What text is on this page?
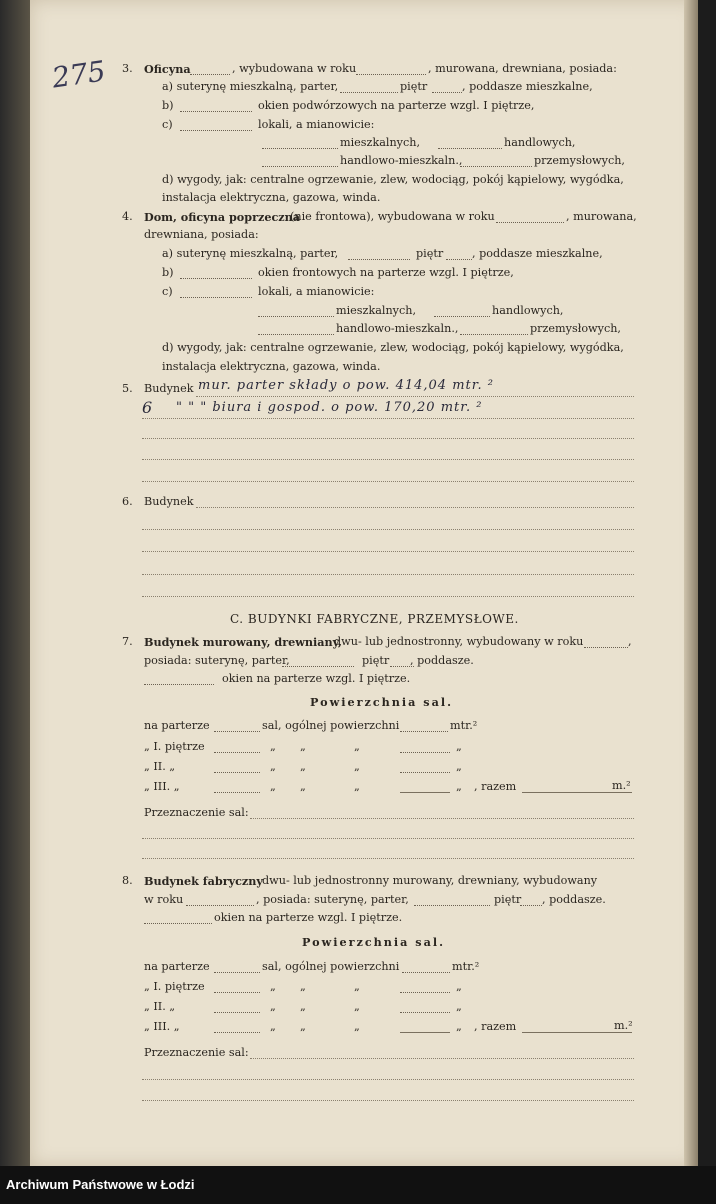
275 3. Oficyna	, wybudowana w roku	, murowana, drewniana, posiada:
a) suterynę mieszkalną, parter,	piętr	, poddasze mieszkalne,
b)	okien podwórzowych na parterze wzgl. I piętrze,
c)	lokali, a mianowicie:
mieszkalnych,	handlowych,
handlowo-mieszkaln.,	przemysłowych,
d) wygody, jak: centralne ogrzewanie, zlew, wodociąg, pokój kąpielowy, wygódka,
instalacja elektryczna, gazowa, winda.
4. Dom, oficyna poprzeczna
(nie frontowa), wybudowana w roku	, murowana,
drewniana, posiada:
a) suterynę mieszkalną, parter,	piętr	, poddasze mieszkalne,
b)	okien frontowych na parterze wzgl. I piętrze,
c)	lokali, a mianowicie:
mieszkalnych,	handlowych,
handlowo-mieszkaln.,	przemysłowych,
d) wygody, jak: centralne ogrzewanie, zlew, wodociąg, pokój kąpielowy, wygódka,
instalacja elektryczna, gazowa, winda.
5. Budynek mur. parter składy o pow. 414,04 mtr. ²
6 " " " biura i gospod. o pow. 170,20 mtr. ²
6. Budynek
C. BUDYNKI FABRYCZNE, PRZEMYSŁOWE.
7. Budynek murowany, drewniany,
dwu- lub jednostronny, wybudowany w roku	,
posiada: suterynę, parter,	piętr , poddasze.
okien na parterze wzgl. I piętrze.
Powierzchnia sal.
na parterze	sal, ogólnej powierzchni	mtr.²
„ I. piętrze	„ „	„	„
„ II. „	„ „	„	„
„ III. „	„ „	„	„ , razem	m.²
Przeznaczenie sal:
8. Budynek fabryczny dwu- lub jednostronny murowany, drewniany, wybudowany
w roku	, posiada: suterynę, parter,	piętr , poddasze.
okien na parterze wzgl. I piętrze.
Powierzchnia sal.
na parterze	sal, ogólnej powierzchni	mtr.²
„ I. piętrze	„ „	„	„
„ II. „	„ „	„	„
„ III. „	„ „	„	„ , razem	m.²
Przeznaczenie sal:
Archiwum Państwowe w Łodzi
